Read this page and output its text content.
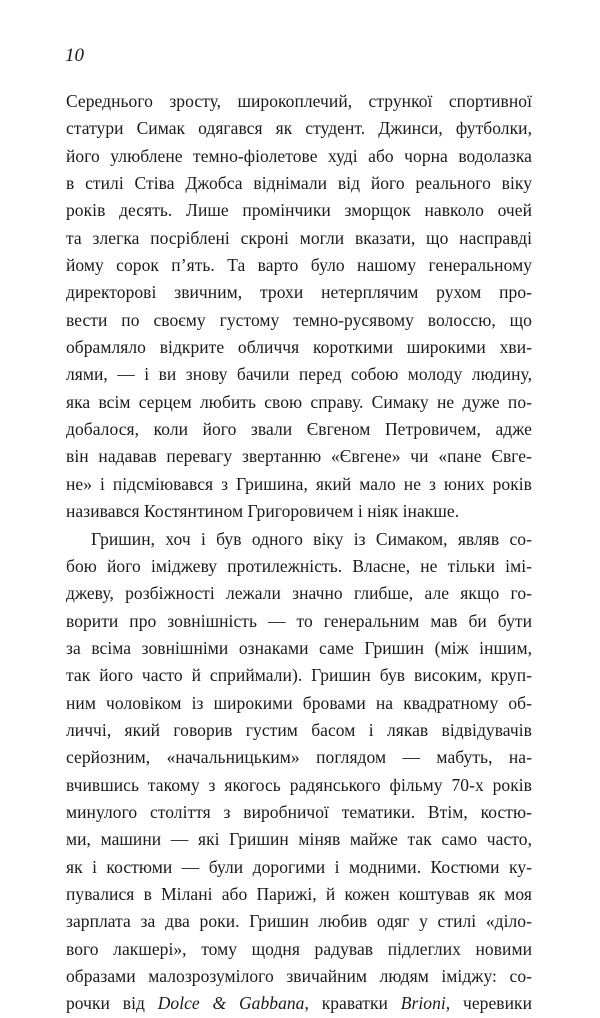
10

Середнього зросту, широкоплечий, стрункої спортивної
статури Симак одягався як студент. Джинси, футболки,
його улюблене темно-фіолетове худі або чорна водолазка
в стилі Стіва Джобса віднімали від його реального віку
років десять. Лише промінчики зморщок навколо очей
та злегка посріблені скроні могли вказати, що насправді
йому сорок п’ять. Та варто було нашому генеральному
директорові звичним, трохи нетерплячим рухом про-
вести по своєму густому темно-русявому волоссю, що
обрамляло відкрите обличчя короткими широкими хви-
лями, — і ви знову бачили перед собою молоду людину,
яка всім серцем любить свою справу. Симаку не дуже по-
добалося, коли його звали Євгеном Петровичем, адже
він надавав перевагу звертанню «Євгене» чи «пане Євге-
не» і підсміювався з Гришина, який мало не з юних років
називався Костянтином Григоровичем і ніяк інакше.
Гришин, хоч і був одного віку із Симаком, являв со-
бою його іміджеву протилежність. Власне, не тільки імі-
джеву, розбіжності лежали значно глибше, але якщо го-
ворити про зовнішність — то генеральним мав би бути
за всіма зовнішніми ознаками саме Гришин (між іншим,
так його часто й сприймали). Гришин був високим, круп-
ним чоловіком із широкими бровами на квадратному об-
личчі, який говорив густим басом і лякав відвідувачів
серйозним, «начальницьким» поглядом — мабуть, на-
вчившись такому з якогось радянського фільму 70-х років
минулого століття з виробничої тематики. Втім, костю-
ми, машини — які Гришин міняв майже так само часто,
як і костюми — були дорогими і модними. Костюми ку-
пувалися в Мілані або Парижі, й кожен коштував як моя
зарплата за два роки. Гришин любив одяг у стилі «діло-
вого лакшері», тому щодня радував підлеглих новими
образами малозрозумілого звичайним людям іміджу: со-
рочки від Dolce & Gabbana, краватки Brioni, черевики
